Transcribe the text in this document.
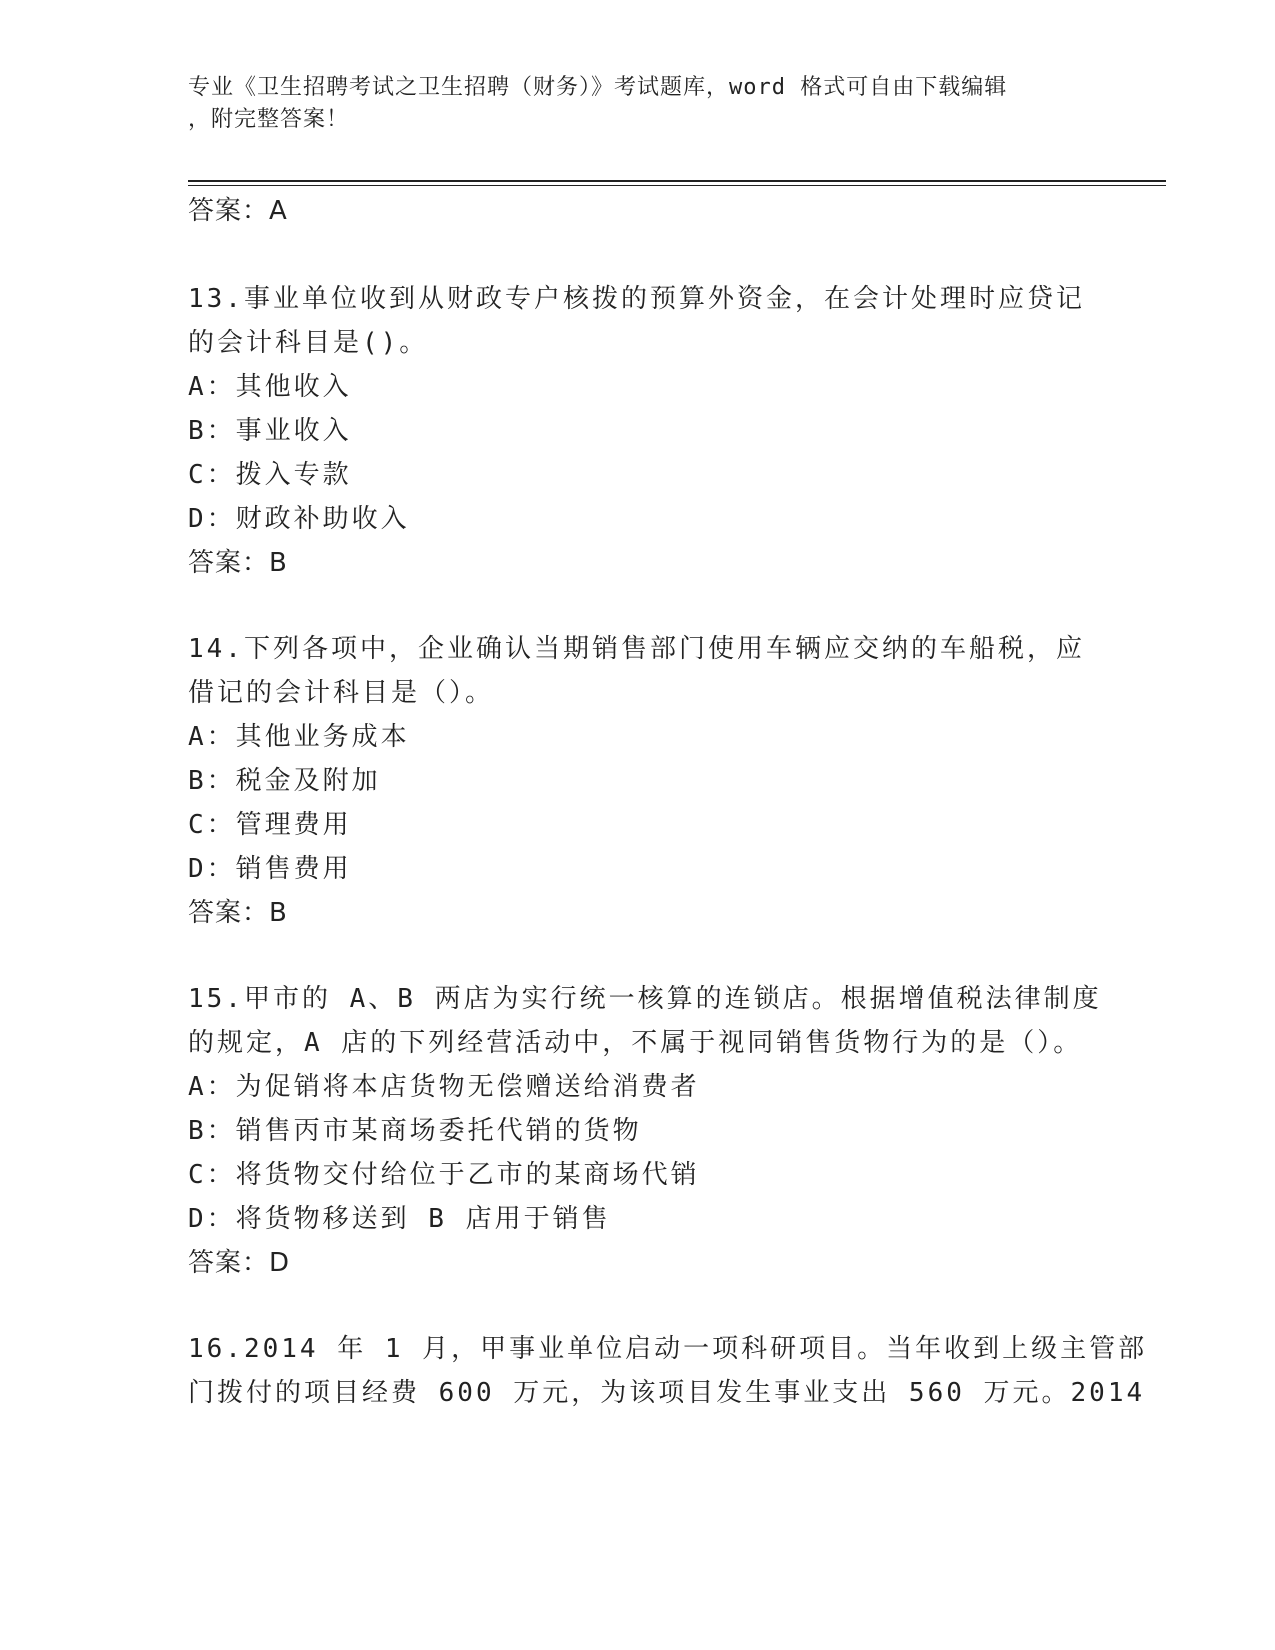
专业《卫生招聘考试之卫生招聘（财务）》考试题库，word 格式可自由下载编辑
，附完整答案！
答案：A
13.事业单位收到从财政专户核拨的预算外资金，在会计处理时应贷记
的会计科目是()。
A：其他收入
B：事业收入
C：拨入专款
D：财政补助收入
答案：B
14.下列各项中，企业确认当期销售部门使用车辆应交纳的车船税，应
借记的会计科目是（）。
A：其他业务成本
B：税金及附加
C：管理费用
D：销售费用
答案：B
15.甲市的 A、B 两店为实行统一核算的连锁店。根据增值税法律制度
的规定，A 店的下列经营活动中，不属于视同销售货物行为的是（）。
A：为促销将本店货物无偿赠送给消费者
B：销售丙市某商场委托代销的货物
C：将货物交付给位于乙市的某商场代销
D：将货物移送到 B 店用于销售
答案：D
16.2014 年 1 月，甲事业单位启动一项科研项目。当年收到上级主管部
门拨付的项目经费 600 万元，为该项目发生事业支出 560 万元。2014
